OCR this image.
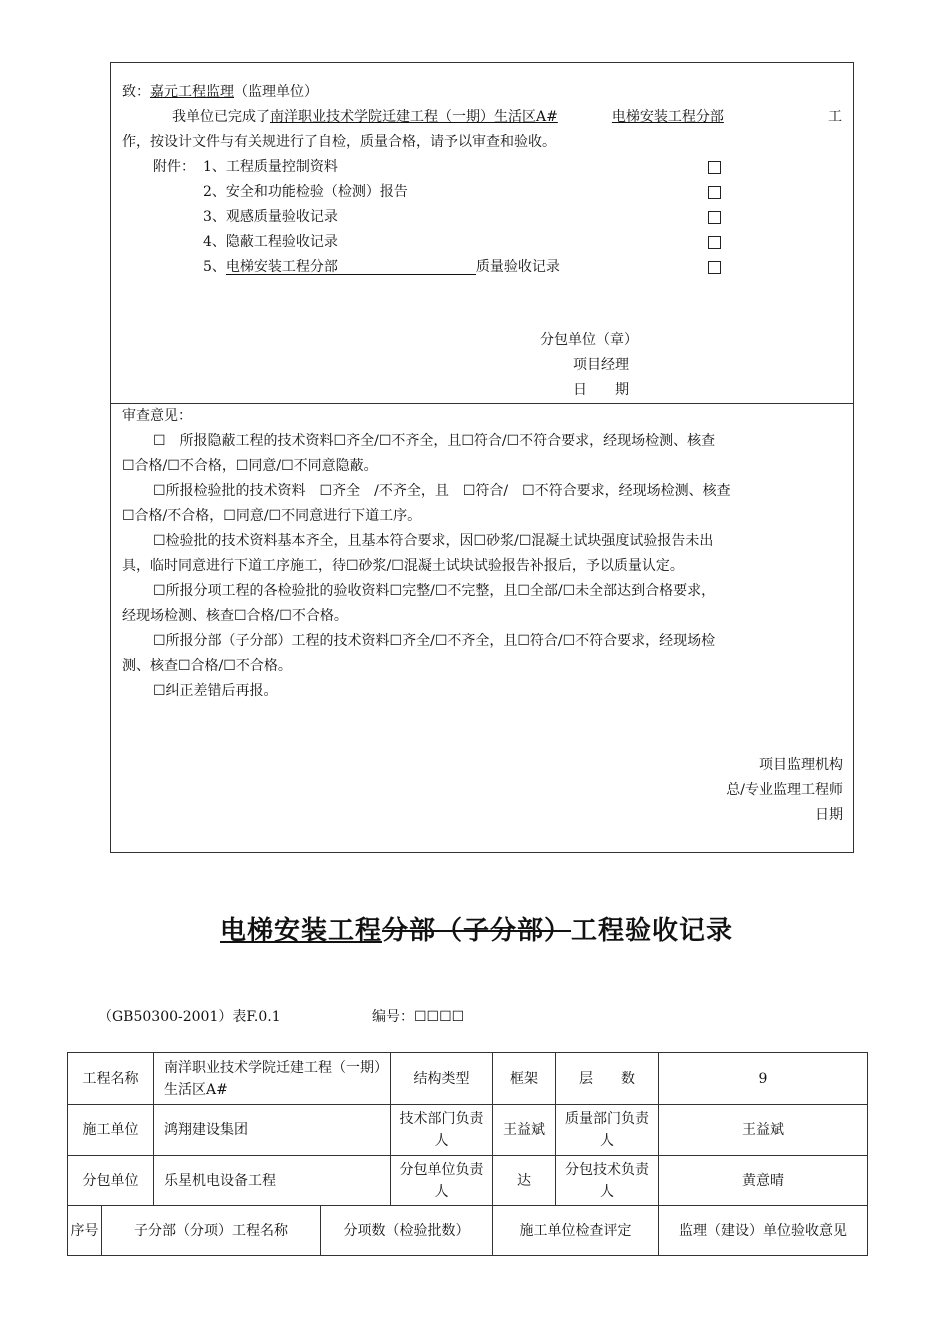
致：嘉元工程监理（监理单位）
我单位已完成了南洋职业技术学院迁建工程（一期）生活区A#	电梯安装工程分部	工
作，按设计文件与有关规进行了自检，质量合格，请予以审查和验收。
附件： 1、工程质量控制资料
2、安全和功能检验（检测）报告
3、观感质量验收记录
4、隐蔽工程验收记录
5、电梯安装工程分部	质量验收记录
分包单位（章）
项目经理
日　　期
审查意见：
☐　所报隐蔽工程的技术资料☐齐全/☐不齐全，且☐符合/☐不符合要求，经现场检测、核查
☐合格/☐不合格，☐同意/☐不同意隐蔽。
☐所报检验批的技术资料　☐齐全　/不齐全，且　☐符合/　☐不符合要求，经现场检测、核查
☐合格/不合格，☐同意/☐不同意进行下道工序。
☐检验批的技术资料基本齐全，且基本符合要求，因☐砂浆/☐混凝土试块强度试验报告未出
具，临时同意进行下道工序施工，待☐砂浆/☐混凝土试块试验报告补报后，予以质量认定。
☐所报分项工程的各检验批的验收资料☐完整/☐不完整，且☐全部/☐未全部达到合格要求，
经现场检测、核查☐合格/☐不合格。
☐所报分部（子分部）工程的技术资料☐齐全/☐不齐全，且☐符合/☐不符合要求，经现场检
测、核查☐合格/☐不合格。
☐纠正差错后再报。
项目监理机构
总/专业监理工程师
日期
电梯安装工程分部（子分部）工程验收记录
（GB50300-2001）表F.0.1	编号：☐☐☐☐
工程名称		南洋职业技术学院迁建工程（一期）生活区A#		结构类型	框架	层　　数	9
施工单位		鸿翔建设集团		技术部门负责人	王益斌	质量部门负责人	王益斌
分包单位		乐星机电设备工程		分包单位负责人	达	分包技术负责人	黄意晴
序号	子分部（分项）工程名称		分项数（检验批数）		施工单位检查评定		监理（建设）单位验收意见
